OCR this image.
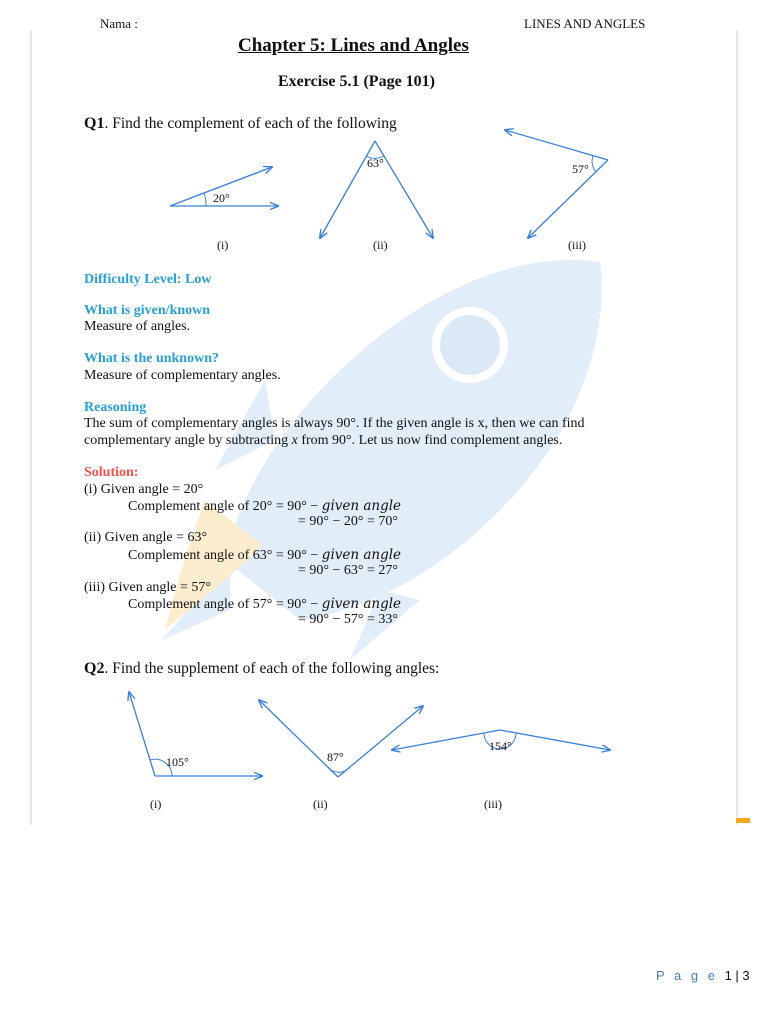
Nama :	LINES AND ANGLES
Chapter 5: Lines and Angles
Exercise 5.1 (Page 101)
Q1. Find the complement of each of the following
20°
63°	57°
(i)	(ii)	(iii)
Difficulty Level: Low
What is given/known
Measure of angles.
What is the unknown?
Measure of complementary angles.
Reasoning
The sum of complementary angles is always 90°. If the given angle is x, then we can find
complementary angle by subtracting x from 90°. Let us now find complement angles.
Solution:
(i) Given angle = 20°
Complement angle of 20° = 90° − given angle
= 90° − 20° = 70°
(ii) Given angle = 63°
Complement angle of 63° = 90° − given angle
= 90° − 63° = 27°
(iii) Given angle = 57°
Complement angle of 57° = 90° − given angle
= 90° − 57° = 33°
Q2. Find the supplement of each of the following angles:
105°	87°
154°
(i)	(ii)	(iii)
P a g e 1 | 3
